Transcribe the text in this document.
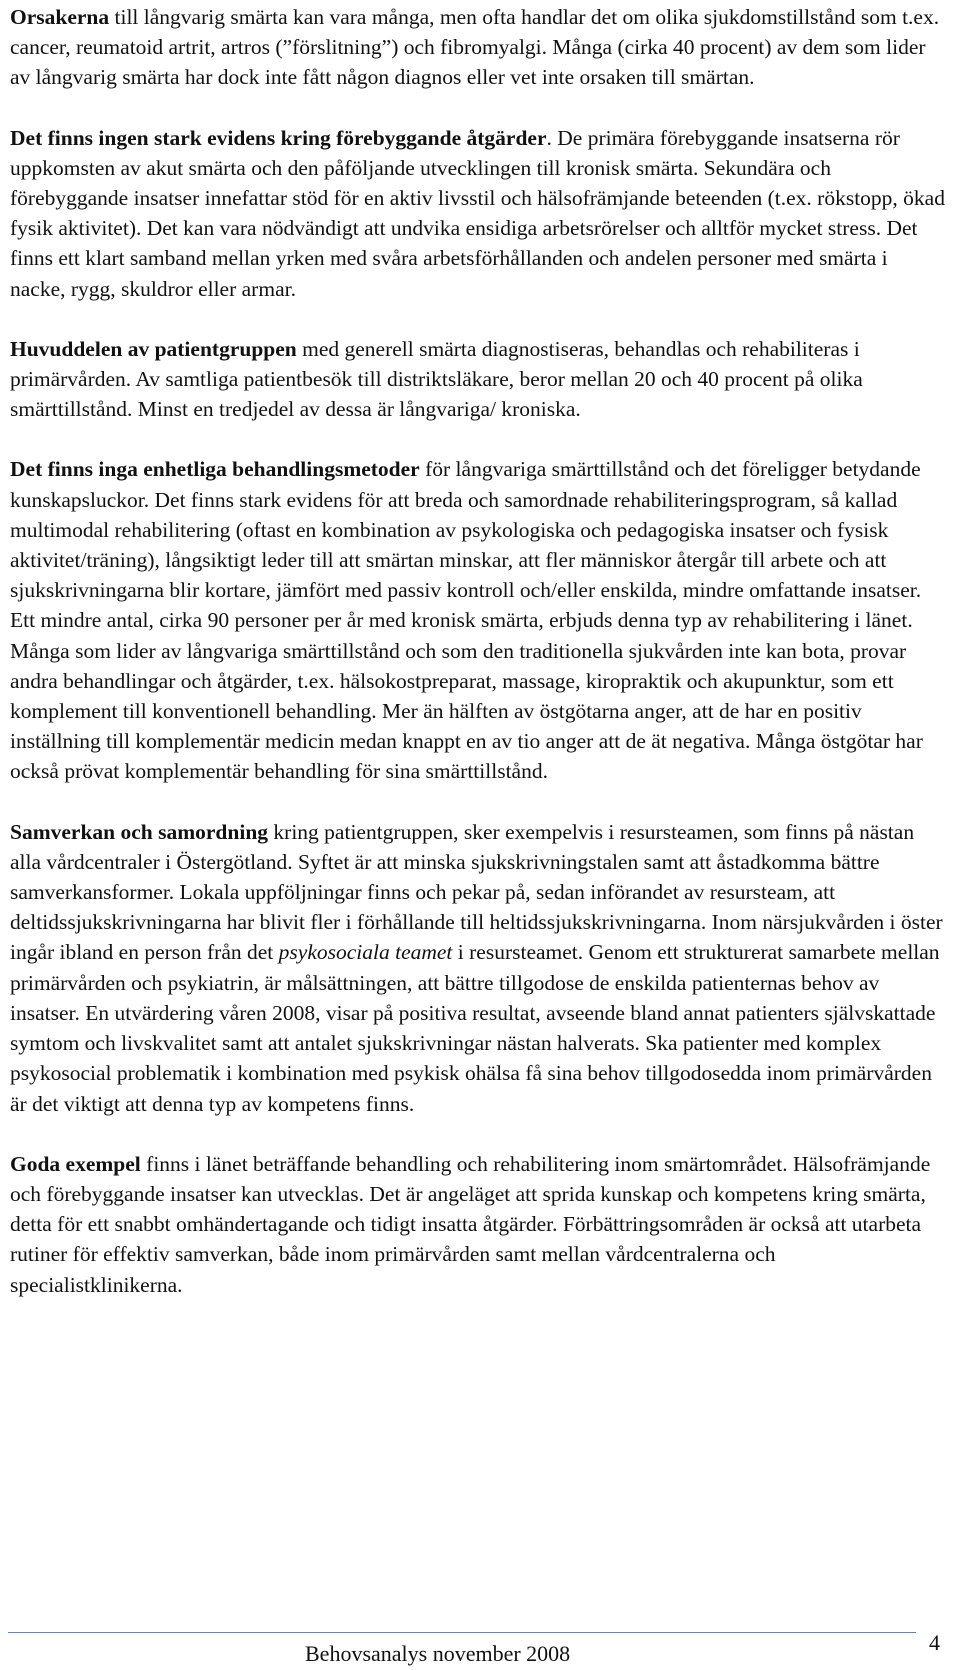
Orsakerna till långvarig smärta kan vara många, men ofta handlar det om olika sjukdomstillstånd som t.ex. cancer, reumatoid artrit, artros (”förslitning”) och fibromyalgi. Många (cirka 40 procent) av dem som lider av långvarig smärta har dock inte fått någon diagnos eller vet inte orsaken till smärtan.

Det finns ingen stark evidens kring förebyggande åtgärder. De primära förebyggande insatserna rör uppkomsten av akut smärta och den påföljande utvecklingen till kronisk smärta. Sekundära och förebyggande insatser innefattar stöd för en aktiv livsstil och hälsofrämjande beteenden (t.ex. rökstopp, ökad fysik aktivitet). Det kan vara nödvändigt att undvika ensidiga arbetsrörelser och alltför mycket stress. Det finns ett klart samband mellan yrken med svåra arbetsförhållanden och andelen personer med smärta i nacke, rygg, skuldror eller armar.

Huvuddelen av patientgruppen med generell smärta diagnostiseras, behandlas och rehabiliteras i primärvården. Av samtliga patientbesök till distriktsläkare, beror mellan 20 och 40 procent på olika smärttillstånd. Minst en tredjedel av dessa är långvariga/ kroniska.

Det finns inga enhetliga behandlingsmetoder för långvariga smärttillstånd och det föreligger betydande kunskapsluckor. Det finns stark evidens för att breda och samordnade rehabiliteringsprogram, så kallad multimodal rehabilitering (oftast en kombination av psykologiska och pedagogiska insatser och fysisk aktivitet/träning), långsiktigt leder till att smärtan minskar, att fler människor återgår till arbete och att sjukskrivningarna blir kortare, jämfört med passiv kontroll och/eller enskilda, mindre omfattande insatser. Ett mindre antal, cirka 90 personer per år med kronisk smärta, erbjuds denna typ av rehabilitering i länet. Många som lider av långvariga smärttillstånd och som den traditionella sjukvården inte kan bota, provar andra behandlingar och åtgärder, t.ex. hälsokostpreparat, massage, kiropraktik och akupunktur, som ett komplement till konventionell behandling. Mer än hälften av östgötarna anger, att de har en positiv inställning till komplementär medicin medan knappt en av tio anger att de ät negativa. Många östgötar har också prövat komplementär behandling för sina smärttillstånd.

Samverkan och samordning kring patientgruppen, sker exempelvis i resursteamen, som finns på nästan alla vårdcentraler i Östergötland. Syftet är att minska sjukskrivningstalen samt att åstadkomma bättre samverkansformer. Lokala uppföljningar finns och pekar på, sedan införandet av resursteam, att deltidssjukskrivningarna har blivit fler i förhållande till heltidssjukskrivningarna. Inom närsjukvården i öster ingår ibland en person från det psykosociala teamet i resursteamet. Genom ett strukturerat samarbete mellan primärvården och psykiatrin, är målsättningen, att bättre tillgodose de enskilda patienternas behov av insatser. En utvärdering våren 2008, visar på positiva resultat, avseende bland annat patienters självskattade symtom och livskvalitet samt att antalet sjukskrivningar nästan halverats. Ska patienter med komplex psykosocial problematik i kombination med psykisk ohälsa få sina behov tillgodosedda inom primärvården är det viktigt att denna typ av kompetens finns.

Goda exempel finns i länet beträffande behandling och rehabilitering inom smärtområdet. Hälsofrämjande och förebyggande insatser kan utvecklas. Det är angeläget att sprida kunskap och kompetens kring smärta, detta för ett snabbt omhändertagande och tidigt insatta åtgärder. Förbättringsområden är också att utarbeta rutiner för effektiv samverkan, både inom primärvården samt mellan vårdcentralerna och specialistklinikerna.

Behovsanalys november 2008	4
